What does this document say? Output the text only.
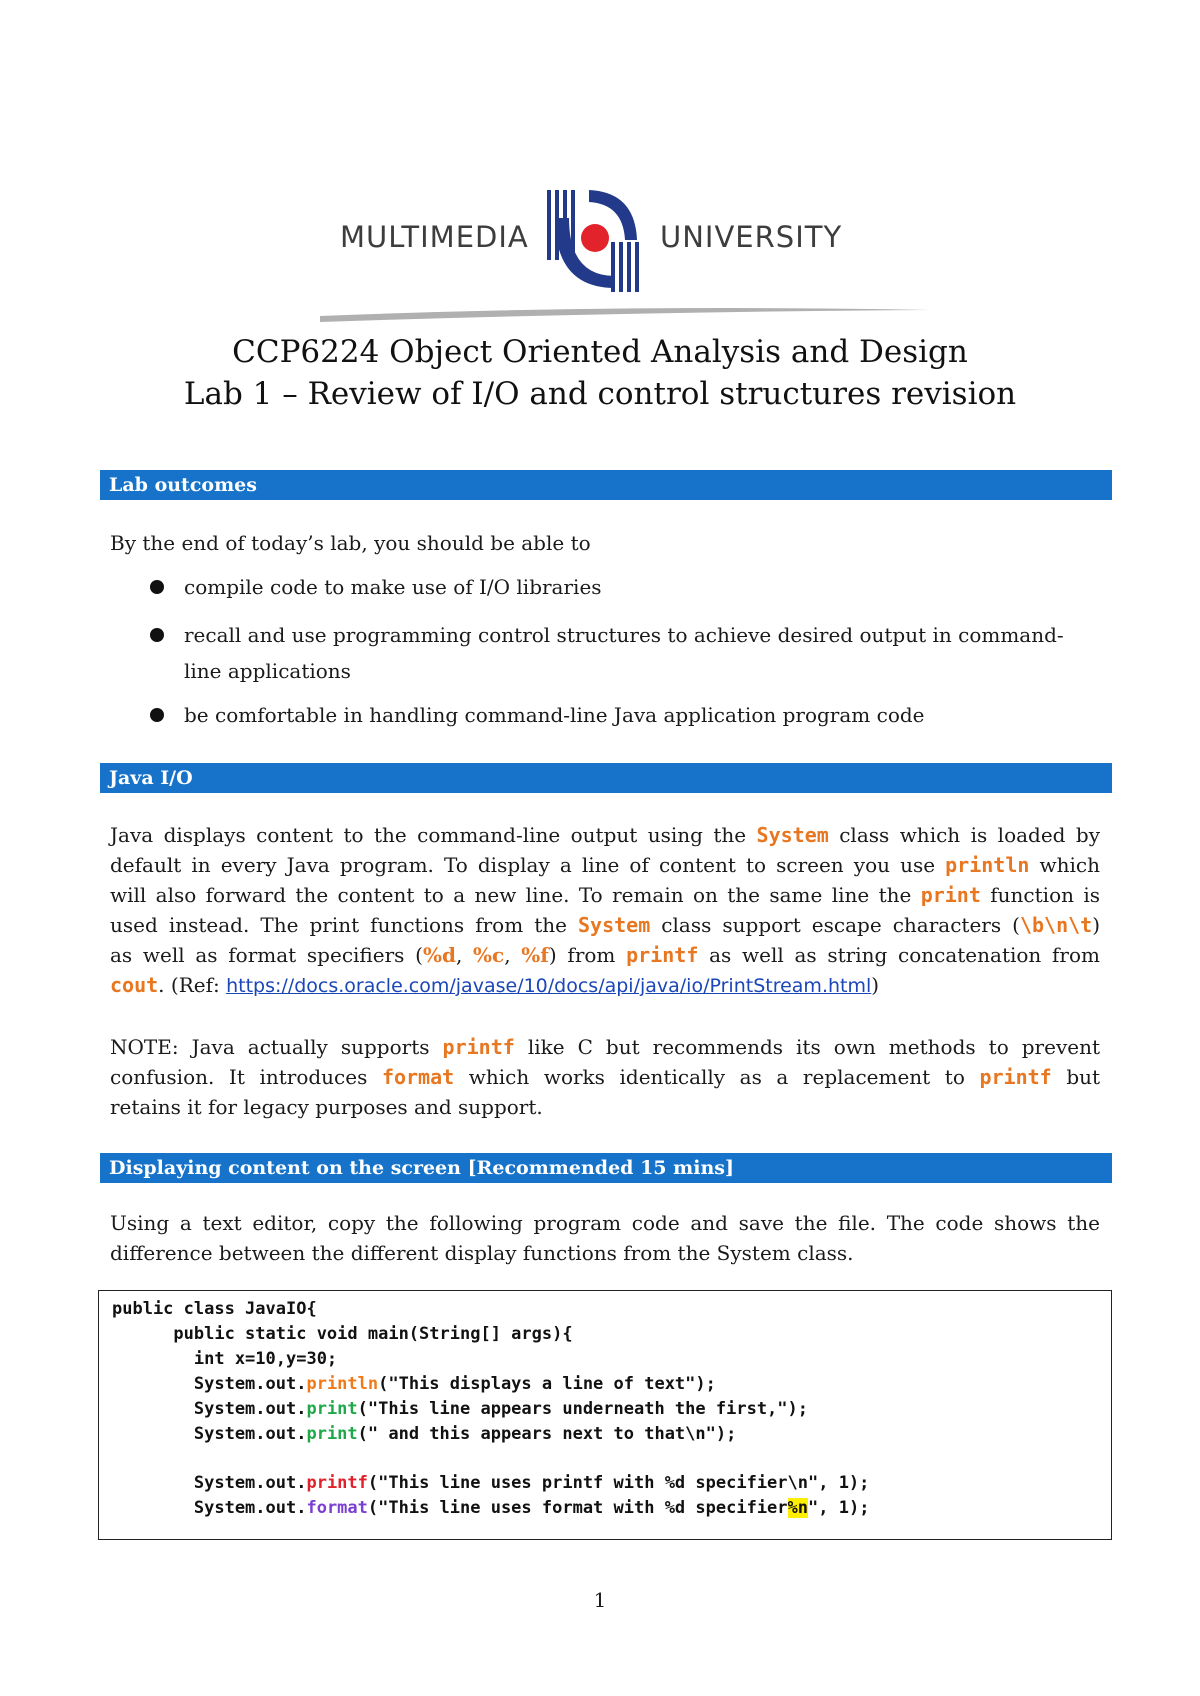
MULTIMEDIA	UNIVERSITY
CCP6224 Object Oriented Analysis and Design
Lab 1 – Review of I/O and control structures revision
Lab outcomes
By the end of today’s lab, you should be able to
compile code to make use of I/O libraries
recall and use programming control structures to achieve desired output in command-
line applications
be comfortable in handling command-line Java application program code
Java I/O
Java displays content to the command-line output using the System class which is loaded by
default in every Java program. To display a line of content to screen you use println which
will also forward the content to a new line. To remain on the same line the print function is
used instead. The print functions from the System class support escape characters (\b\n\t)
as well as format specifiers (%d, %c, %f) from printf as well as string concatenation from
cout. (Ref: https://docs.oracle.com/javase/10/docs/api/java/io/PrintStream.html)
NOTE: Java actually supports printf like C but recommends its own methods to prevent
confusion. It introduces format which works identically as a replacement to printf but
retains it for legacy purposes and support.
Displaying content on the screen [Recommended 15 mins]
Using a text editor, copy the following program code and save the file. The code shows the
difference between the different display functions from the System class.
public class JavaIO{
public static void main(String[] args){
int x=10,y=30;
System.out.println("This displays a line of text");
System.out.print("This line appears underneath the first,");
System.out.print(" and this appears next to that\n");
System.out.printf("This line uses printf with %d specifier\n", 1);
System.out.format("This line uses format with %d specifier%n", 1);
1
